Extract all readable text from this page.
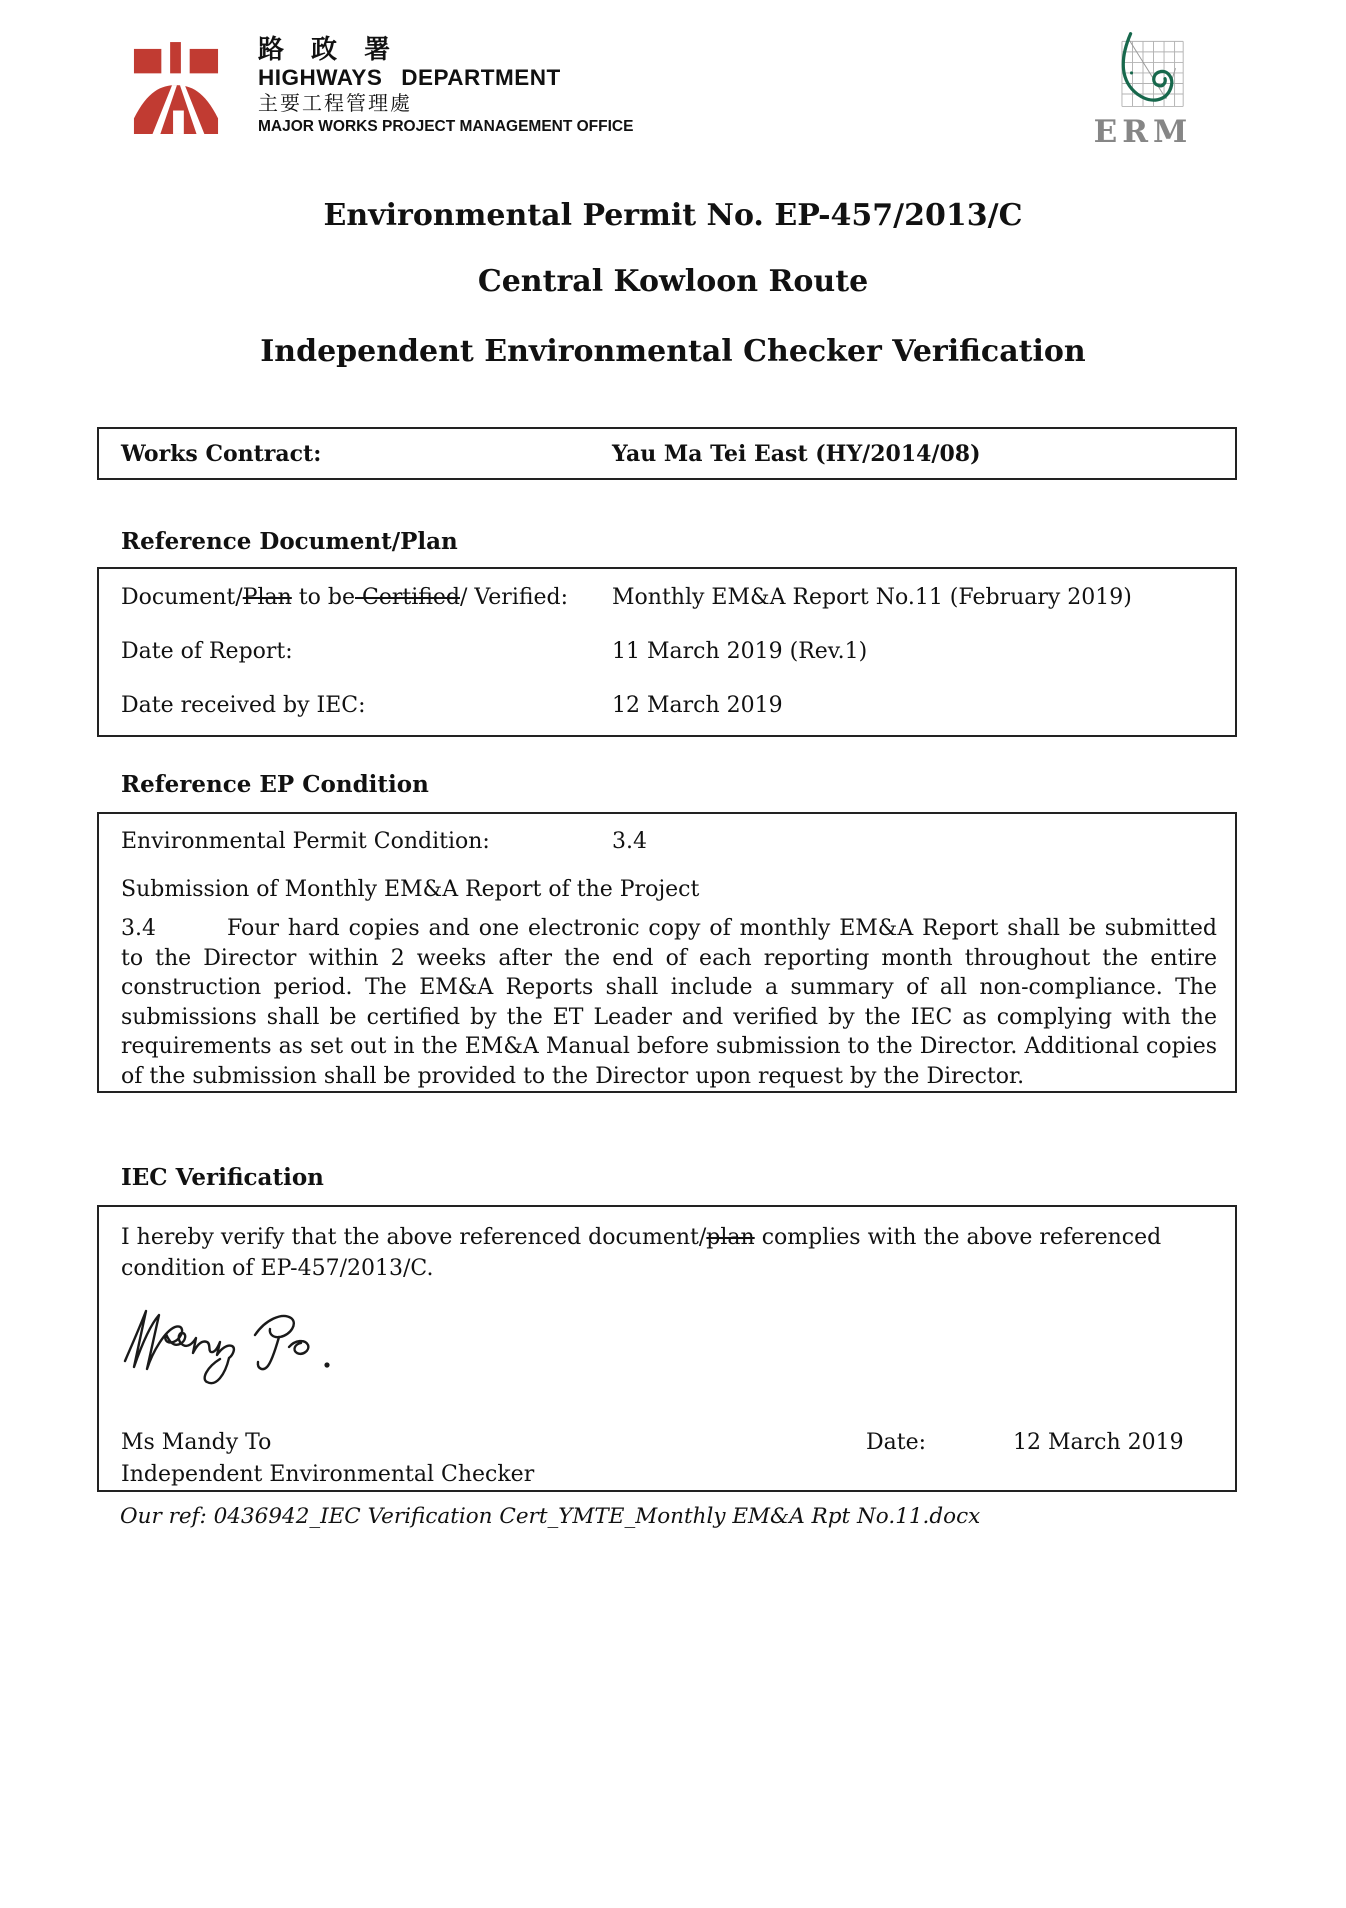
路 政 署
HIGHWAYS DEPARTMENT
主要工程管理處
MAJOR WORKS PROJECT MANAGEMENT OFFICE	ERM
Environmental Permit No. EP-457/2013/C
Central Kowloon Route
Independent Environmental Checker Verification
Works Contract:	Yau Ma Tei East (HY/2014/08)
Reference Document/Plan
Document/Plan to be Certified/ Verified:	Monthly EM&A Report No.11 (February 2019)
Date of Report:	11 March 2019 (Rev.1)
Date received by IEC:	12 March 2019
Reference EP Condition
Environmental Permit Condition:	3.4
Submission of Monthly EM&A Report of the Project
3.4	Four hard copies and one electronic copy of monthly EM&A Report shall be submitted to the Director within 2 weeks after the end of each reporting month throughout the entire construction period. The EM&A Reports shall include a summary of all non-compliance. The submissions shall be certified by the ET Leader and verified by the IEC as complying with the requirements as set out in the EM&A Manual before submission to the Director. Additional copies of the submission shall be provided to the Director upon request by the Director.
IEC Verification
I hereby verify that the above referenced document/plan complies with the above referenced condition of EP-457/2013/C.
Ms Mandy To	Date:	12 March 2019
Independent Environmental Checker
Our ref: 0436942_IEC Verification Cert_YMTE_Monthly EM&A Rpt No.11.docx
